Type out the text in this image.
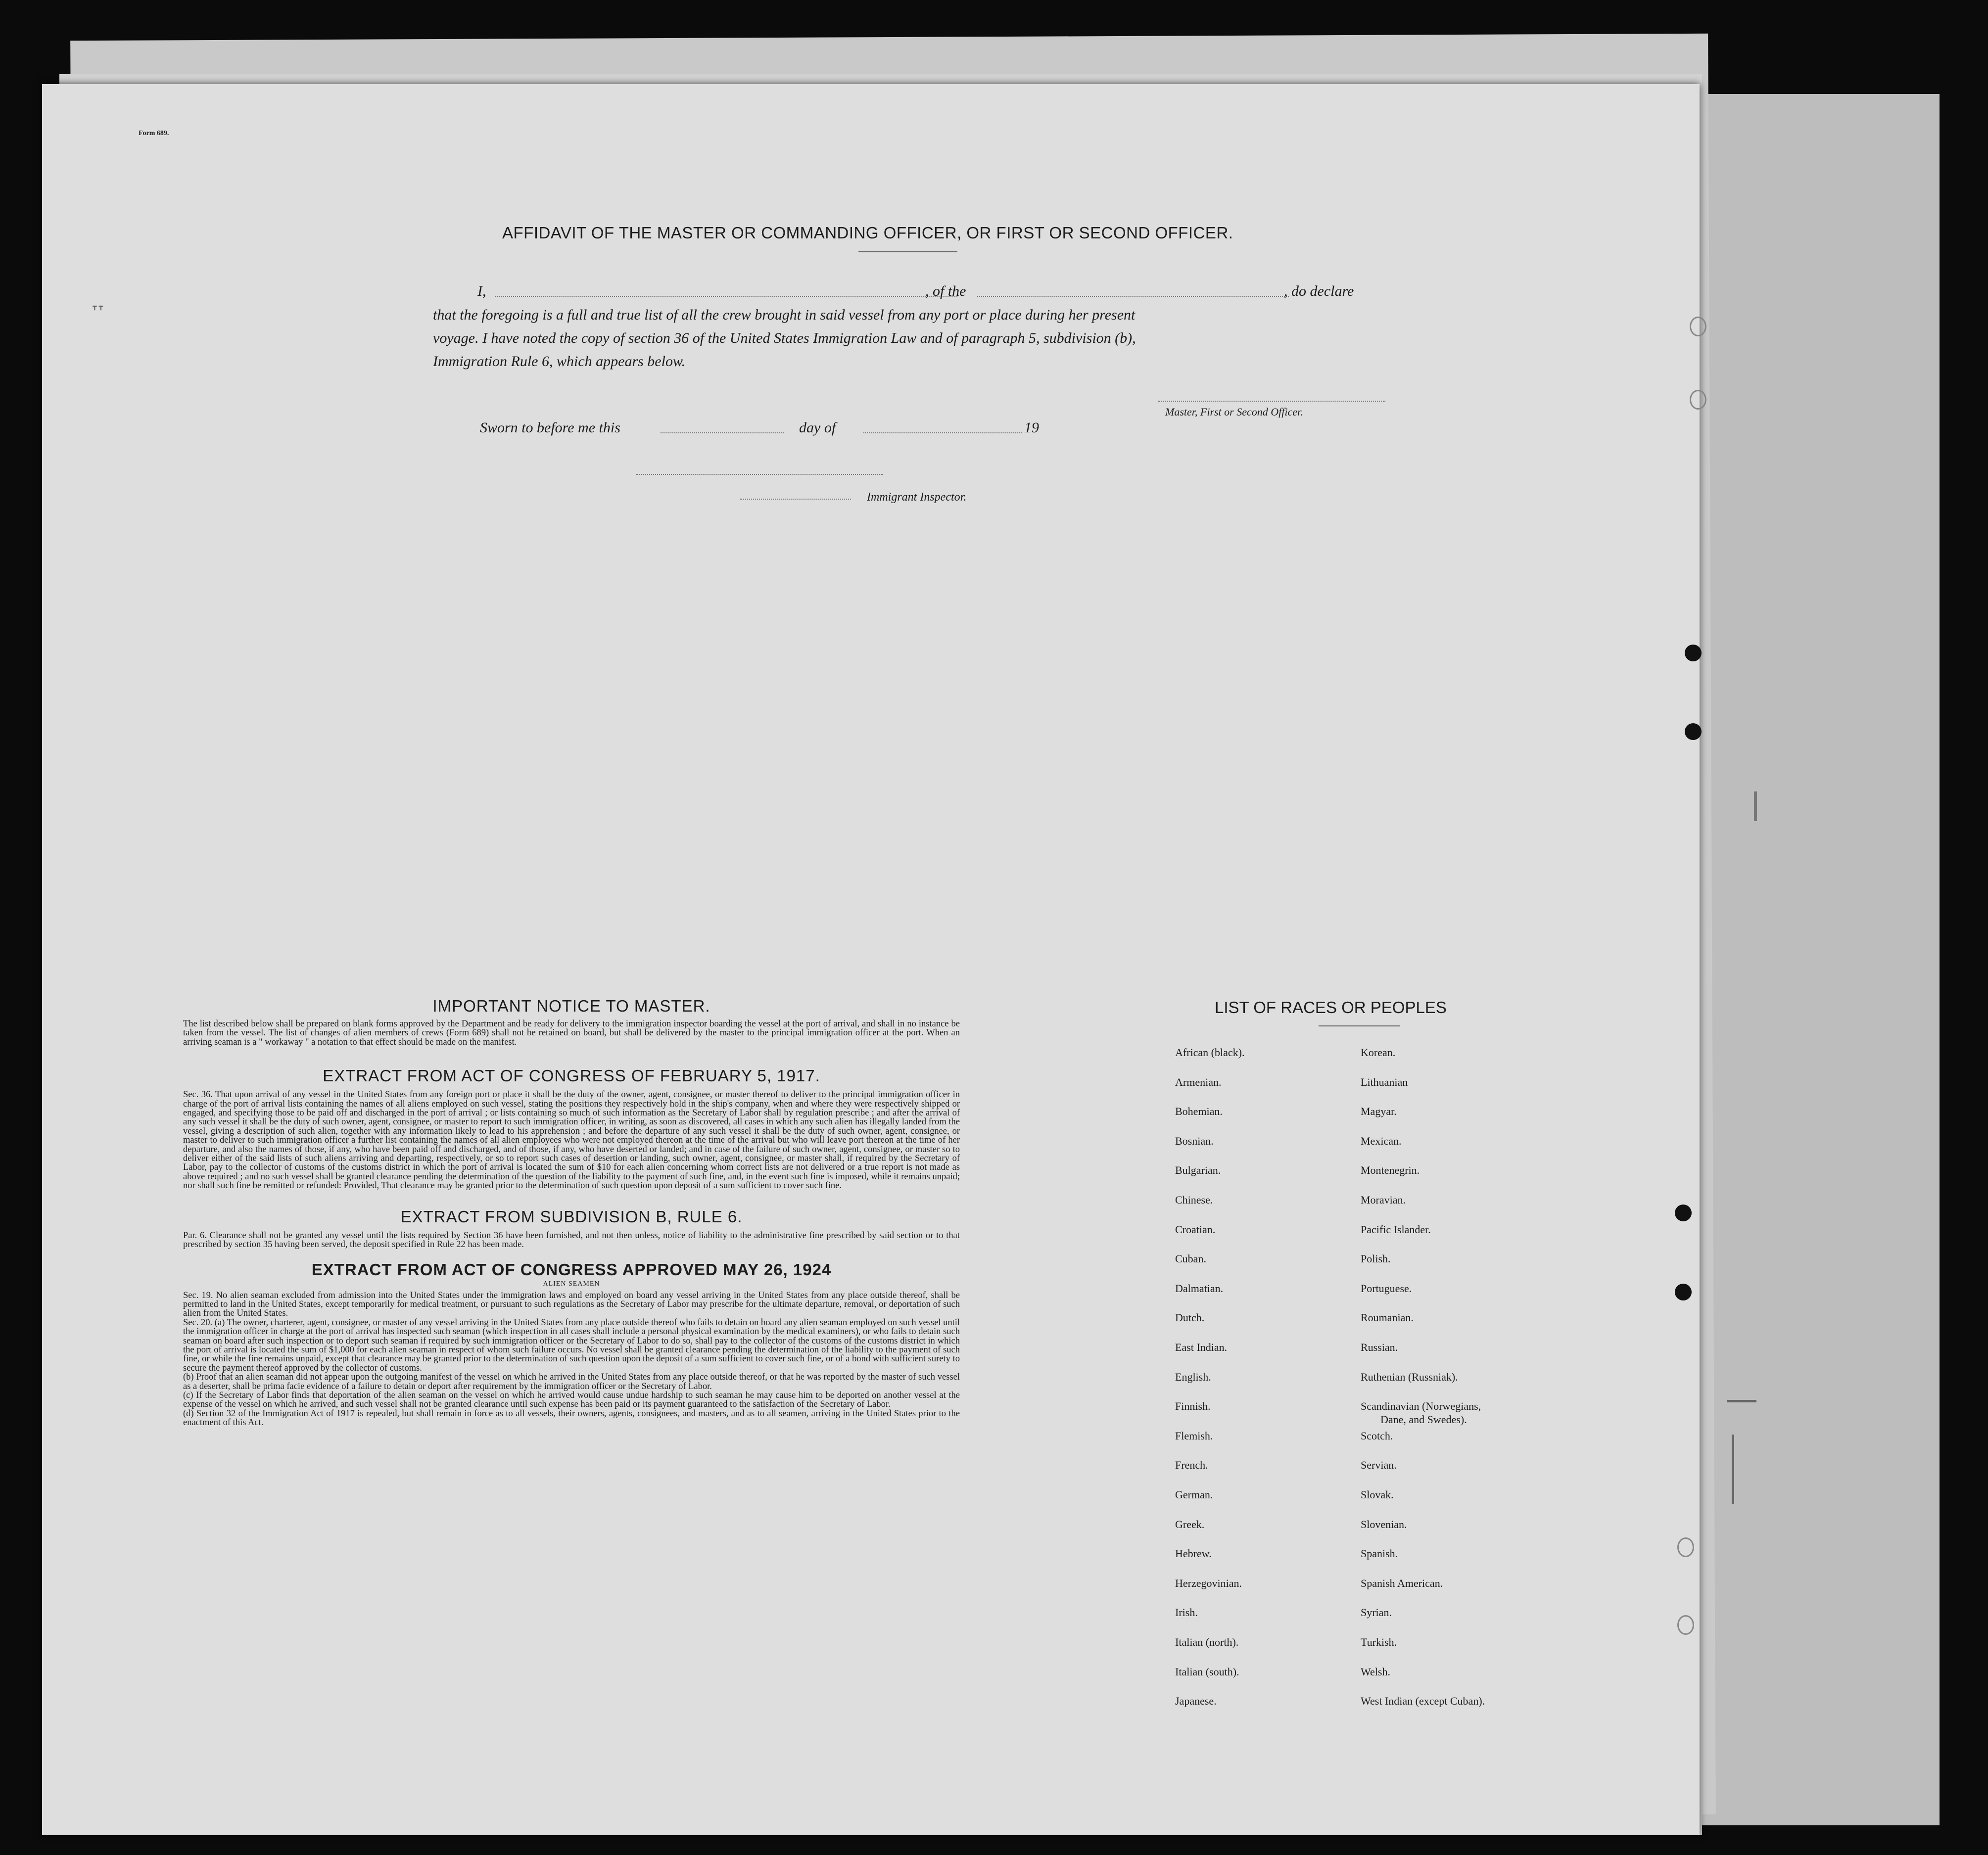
Form 689.
AFFIDAVIT OF THE MASTER OR COMMANDING OFFICER, OR FIRST OR SECOND OFFICER.
I,	, of the	, do declare
that the foregoing is a full and true list of all the crew brought in said vessel from any port or place during her present
voyage. I have noted the copy of section 36 of the United States Immigration Law and of paragraph 5, subdivision (b),
Immigration Rule 6, which appears below.
Master, First or Second Officer.
Sworn to before me this	day of	19
Immigrant Inspector.
IMPORTANT NOTICE TO MASTER.

The list described below shall be prepared on blank forms approved by the Department and be ready for delivery to the immigration inspector boarding the vessel at the port of arrival, and shall in no instance be taken from the vessel. The list of changes of alien members of crews (Form 689) shall not be retained on board, but shall be delivered by the master to the principal immigration officer at the port. When an arriving seaman is a " workaway " a notation to that effect should be made on the manifest.

EXTRACT FROM ACT OF CONGRESS OF FEBRUARY 5, 1917.

Sec. 36. That upon arrival of any vessel in the United States from any foreign port or place it shall be the duty of the owner, agent, consignee, or master thereof to deliver to the principal immigration officer in charge of the port of arrival lists containing the names of all aliens employed on such vessel, stating the positions they respectively hold in the ship's company, when and where they were respectively shipped or engaged, and specifying those to be paid off and discharged in the port of arrival ; or lists containing so much of such information as the Secretary of Labor shall by regulation prescribe ; and after the arrival of any such vessel it shall be the duty of such owner, agent, consignee, or master to report to such immigration officer, in writing, as soon as discovered, all cases in which any such alien has illegally landed from the vessel, giving a description of such alien, together with any information likely to lead to his apprehension ; and before the departure of any such vessel it shall be the duty of such owner, agent, consignee, or master to deliver to such immigration officer a further list containing the names of all alien employees who were not employed thereon at the time of the arrival but who will leave port thereon at the time of her departure, and also the names of those, if any, who have been paid off and discharged, and of those, if any, who have deserted or landed; and in case of the failure of such owner, agent, consignee, or master so to deliver either of the said lists of such aliens arriving and departing, respectively, or so to report such cases of desertion or landing, such owner, agent, consignee, or master shall, if required by the Secretary of Labor, pay to the collector of customs of the customs district in which the port of arrival is located the sum of $10 for each alien concerning whom correct lists are not delivered or a true report is not made as above required ; and no such vessel shall be granted clearance pending the determination of the question of the liability to the payment of such fine, and, in the event such fine is imposed, while it remains unpaid; nor shall such fine be remitted or refunded: Provided, That clearance may be granted prior to the determination of such question upon deposit of a sum sufficient to cover such fine.

EXTRACT FROM SUBDIVISION B, RULE 6.

Par. 6. Clearance shall not be granted any vessel until the lists required by Section 36 have been furnished, and not then unless, notice of liability to the administrative fine prescribed by said section or to that prescribed by section 35 having been served, the deposit specified in Rule 22 has been made.

EXTRACT FROM ACT OF CONGRESS APPROVED MAY 26, 1924
ALIEN SEAMEN

Sec. 19. No alien seaman excluded from admission into the United States under the immigration laws and employed on board any vessel arriving in the United States from any place outside thereof, shall be permitted to land in the United States, except temporarily for medical treatment, or pursuant to such regulations as the Secretary of Labor may prescribe for the ultimate departure, removal, or deportation of such alien from the United States.

Sec. 20. (a) The owner, charterer, agent, consignee, or master of any vessel arriving in the United States from any place outside thereof who fails to detain on board any alien seaman employed on such vessel until the immigration officer in charge at the port of arrival has inspected such seaman (which inspection in all cases shall include a personal physical examination by the medical examiners), or who fails to detain such seaman on board after such inspection or to deport such seaman if required by such immigration officer or the Secretary of Labor to do so, shall pay to the collector of the customs of the customs district in which the port of arrival is located the sum of $1,000 for each alien seaman in respect of whom such failure occurs. No vessel shall be granted clearance pending the determination of the liability to the payment of such fine, or while the fine remains unpaid, except that clearance may be granted prior to the determination of such question upon the deposit of a sum sufficient to cover such fine, or of a bond with sufficient surety to secure the payment thereof approved by the collector of customs.

(b) Proof that an alien seaman did not appear upon the outgoing manifest of the vessel on which he arrived in the United States from any place outside thereof, or that he was reported by the master of such vessel as a deserter, shall be prima facie evidence of a failure to detain or deport after requirement by the immigration officer or the Secretary of Labor.

(c) If the Secretary of Labor finds that deportation of the alien seaman on the vessel on which he arrived would cause undue hardship to such seaman he may cause him to be deported on another vessel at the expense of the vessel on which he arrived, and such vessel shall not be granted clearance until such expense has been paid or its payment guaranteed to the satisfaction of the Secretary of Labor.

(d) Section 32 of the Immigration Act of 1917 is repealed, but shall remain in force as to all vessels, their owners, agents, consignees, and masters, and as to all seamen, arriving in the United States prior to the enactment of this Act.

LIST OF RACES OR PEOPLES
ᐪᐪ
African (black).
Armenian.
Bohemian.
Bosnian.
Bulgarian.
Chinese.
Croatian.
Cuban.
Dalmatian.
Dutch.
East Indian.
English.
Finnish.
Flemish.
French.
German.
Greek.
Hebrew.
Herzegovinian.
Irish.
Italian (north).
Italian (south).
Japanese.
Korean.
Lithuanian
Magyar.
Mexican.
Montenegrin.
Moravian.
Pacific Islander.
Polish.
Portuguese.
Roumanian.
Russian.
Ruthenian (Russniak).
Scandinavian (Norwegians,
Dane, and Swedes).
Scotch.
Servian.
Slovak.
Slovenian.
Spanish.
Spanish American.
Syrian.
Turkish.
Welsh.
West Indian (except Cuban).
